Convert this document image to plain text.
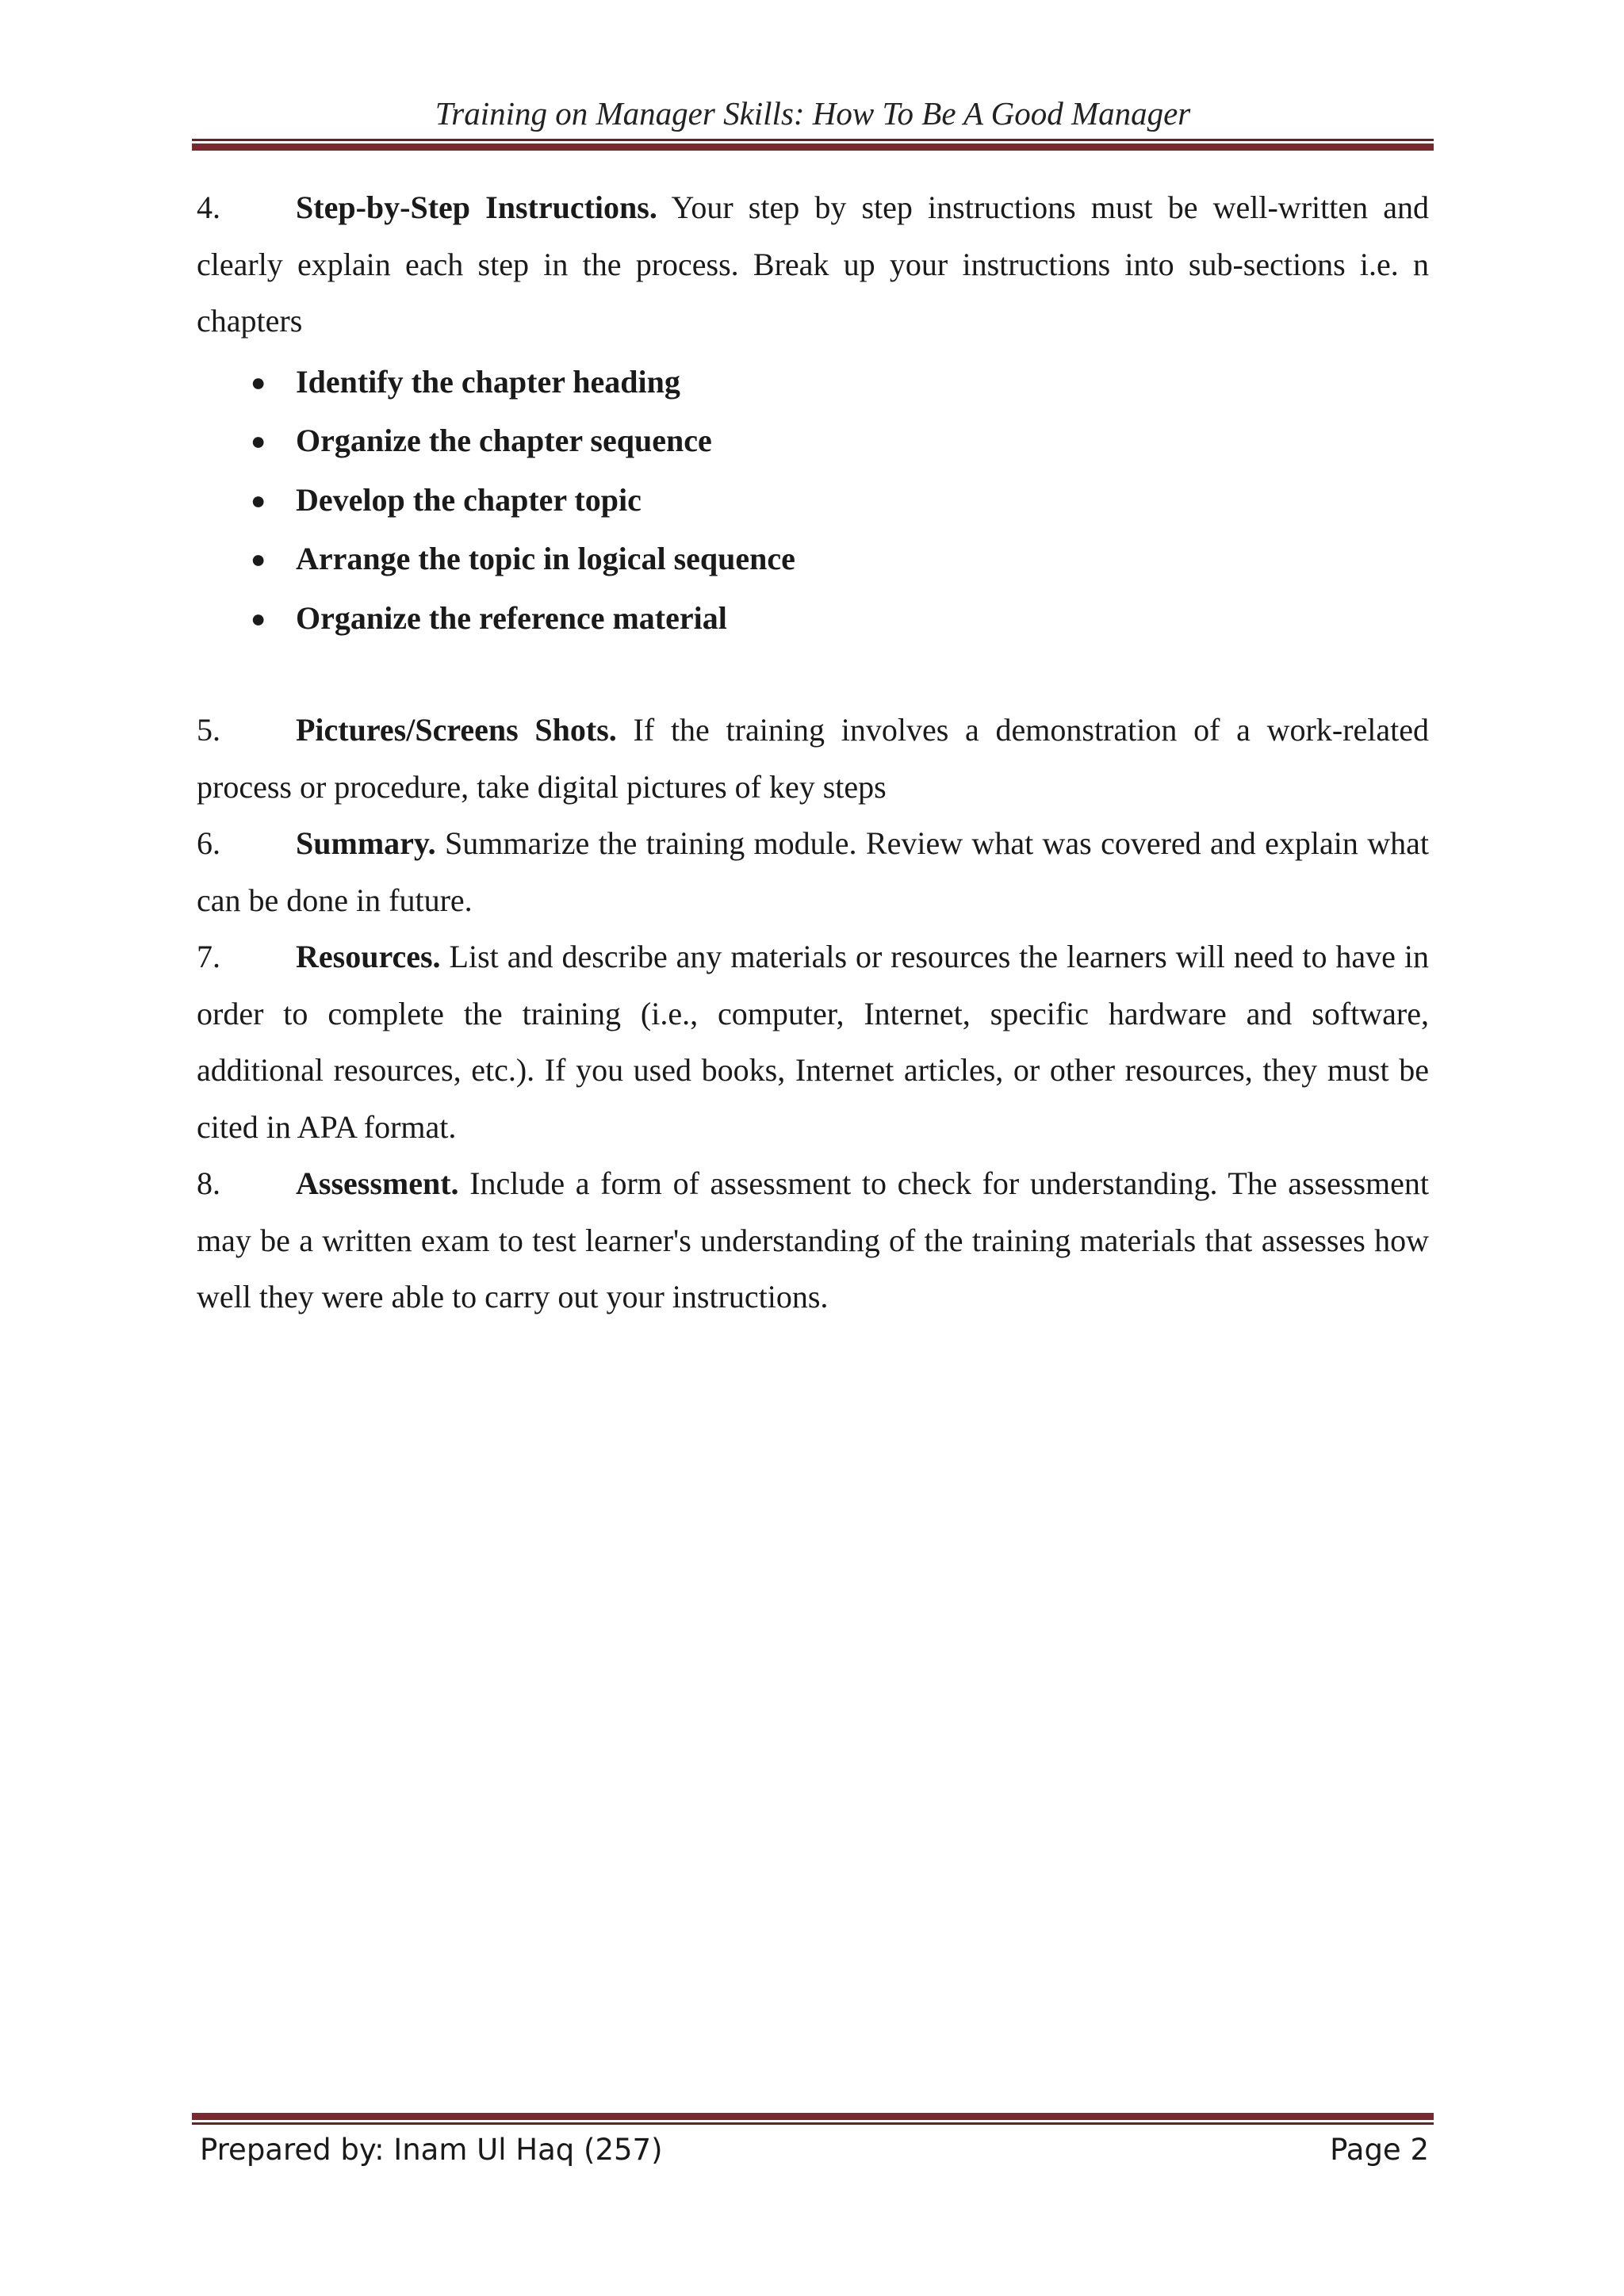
Training on Manager Skills: How To Be A Good Manager

4. Step-by-Step Instructions. Your step by step instructions must be well-written and clearly explain each step in the process. Break up your instructions into sub-sections i.e. n chapters

● Identify the chapter heading
● Organize the chapter sequence
● Develop the chapter topic
● Arrange the topic in logical sequence
● Organize the reference material

5. Pictures/Screens Shots. If the training involves a demonstration of a work-related process or procedure, take digital pictures of key steps

6. Summary. Summarize the training module. Review what was covered and explain what can be done in future.

7. Resources. List and describe any materials or resources the learners will need to have in order to complete the training (i.e., computer, Internet, specific hardware and software, additional resources, etc.). If you used books, Internet articles, or other resources, they must be cited in APA format.

8. Assessment. Include a form of assessment to check for understanding. The assessment may be a written exam to test learner's understanding of the training materials that assesses how well they were able to carry out your instructions.

Prepared by: Inam Ul Haq (257)	Page 2
